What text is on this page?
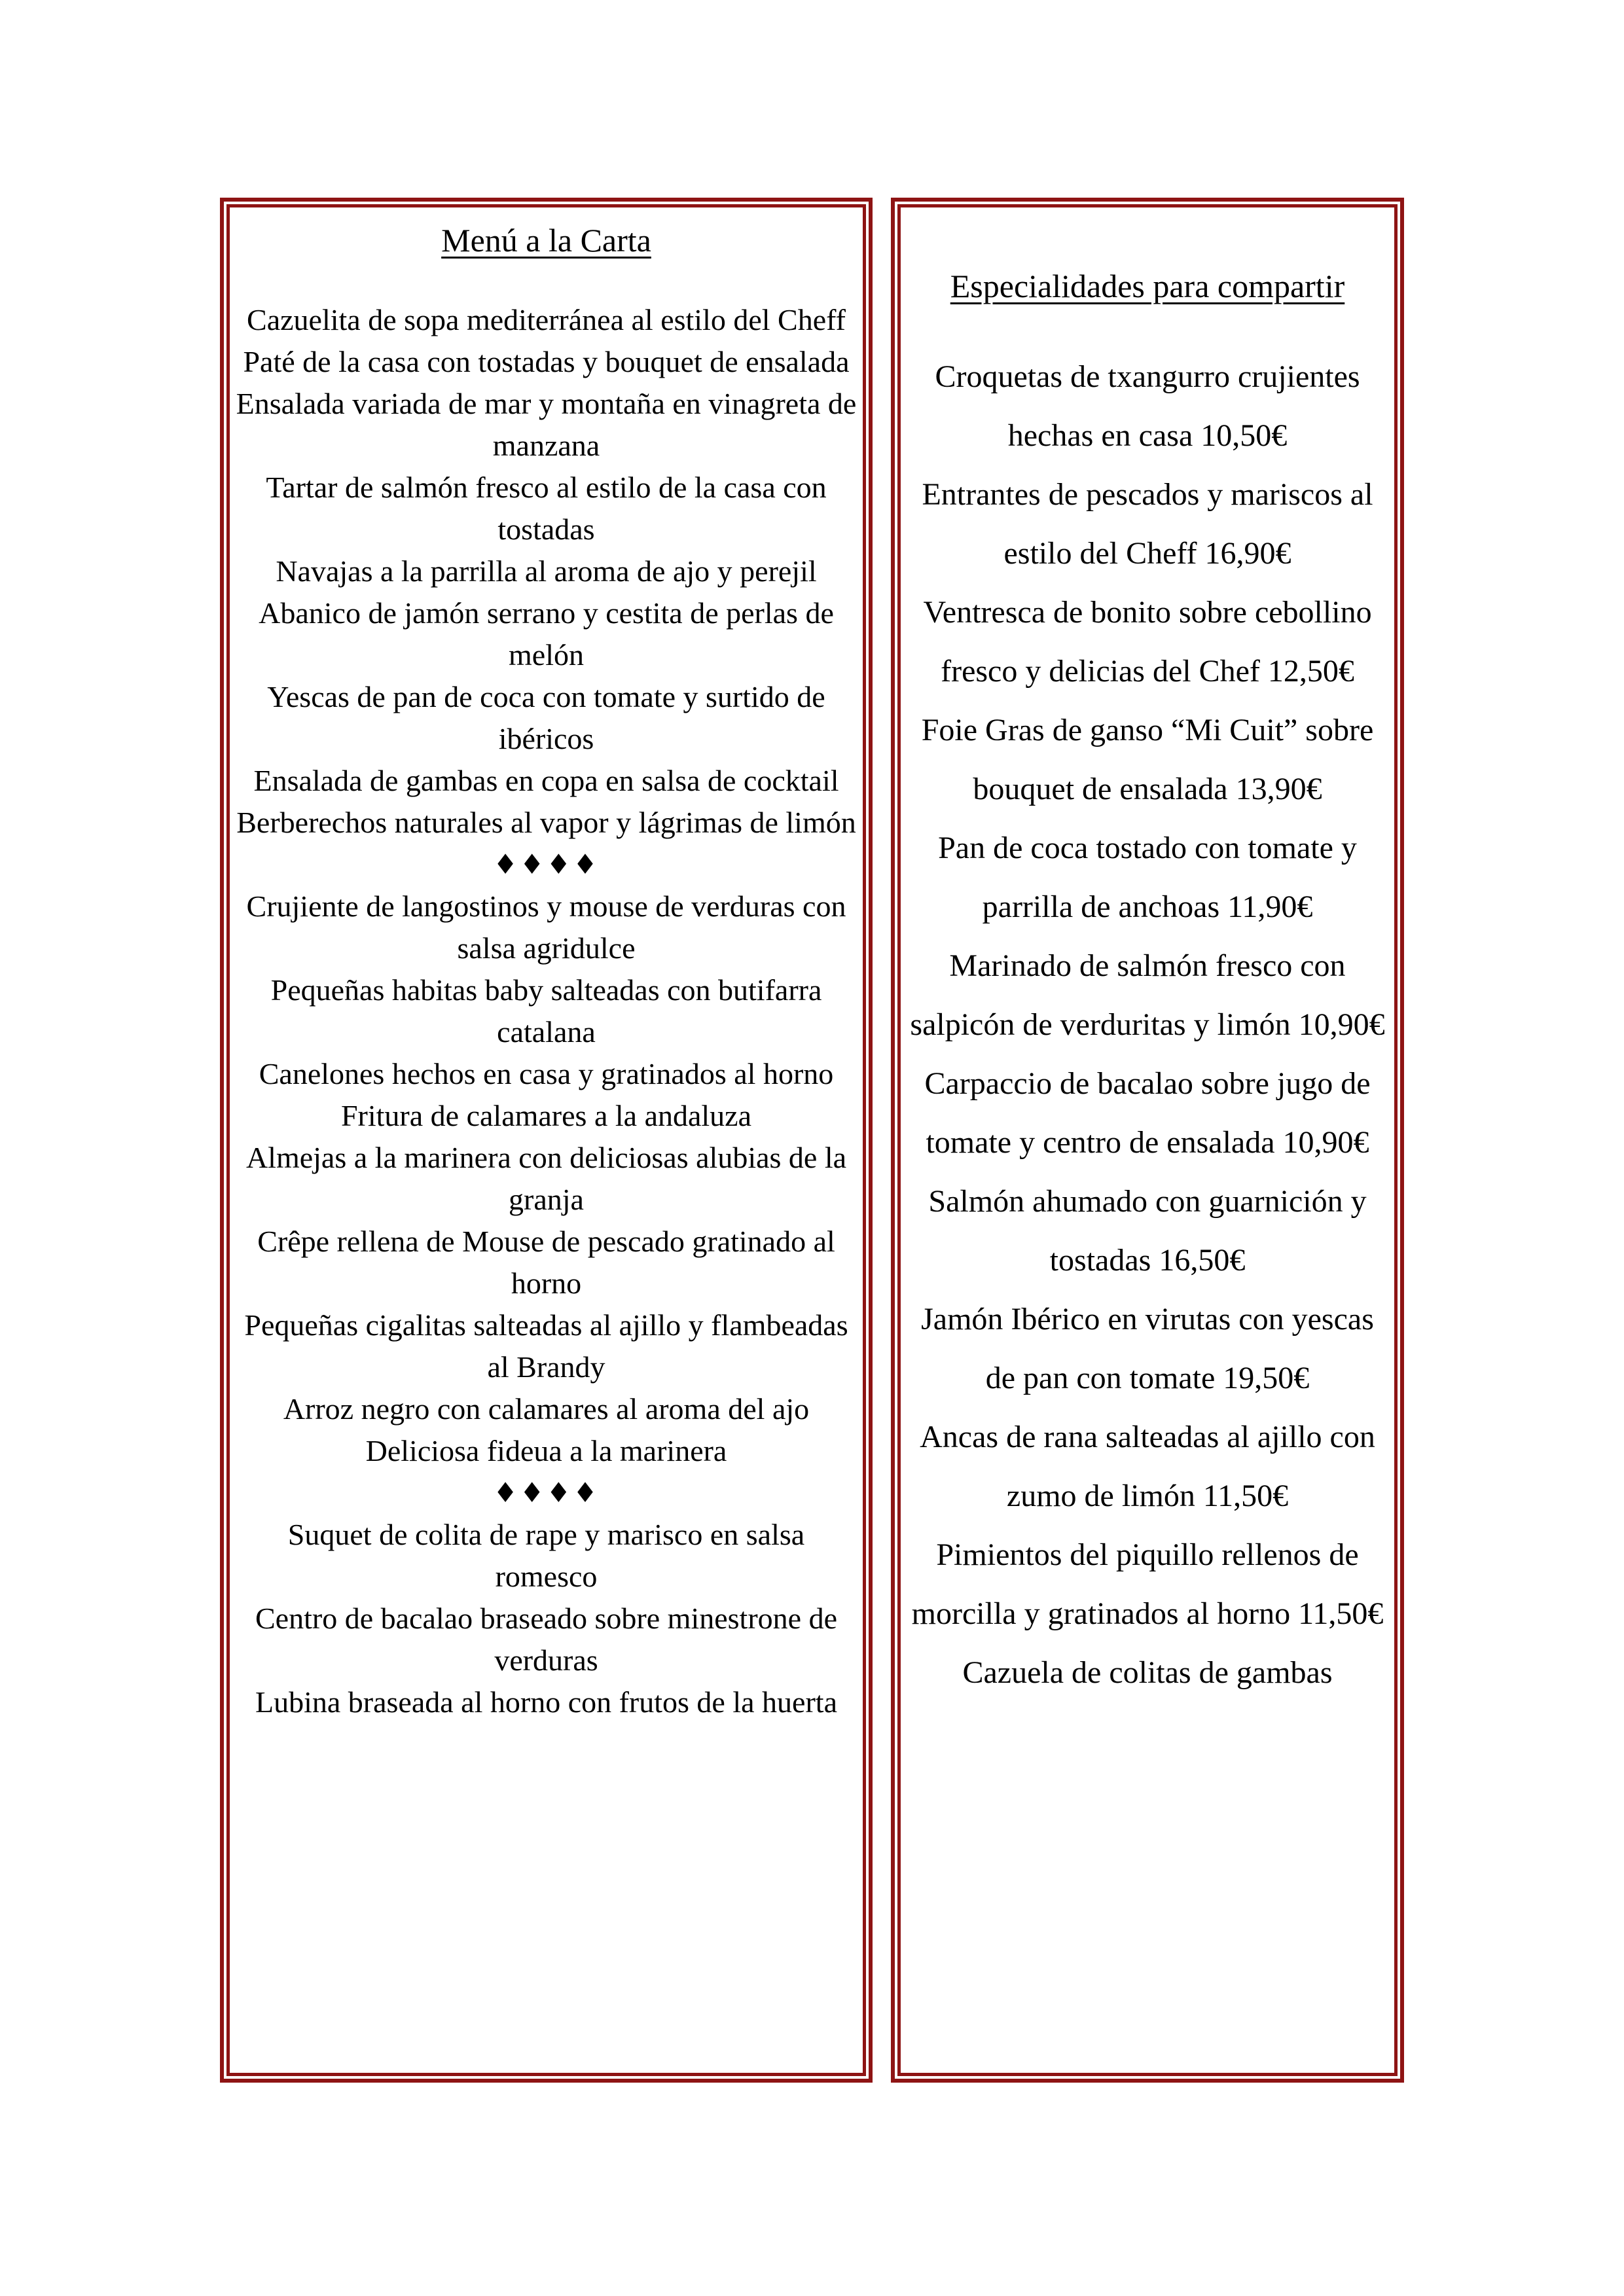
Menú a la Carta

Cazuelita de sopa mediterránea al estilo del Cheff

Paté de la casa con tostadas y bouquet de ensalada

Ensalada variada de mar y montaña en vinagreta de manzana

Tartar de salmón fresco al estilo de la casa con tostadas

Navajas a la parrilla al aroma de ajo y perejil

Abanico de jamón serrano y cestita de perlas de melón

Yescas de pan de coca con tomate y surtido de ibéricos

Ensalada de gambas en copa en salsa de cocktail

Berberechos naturales al vapor y lágrimas de limón

♦♦♦♦

Crujiente de langostinos y mouse de verduras con salsa agridulce

Pequeñas habitas baby salteadas con butifarra catalana

Canelones hechos en casa y gratinados al horno

Fritura de calamares a la andaluza

Almejas a la marinera con deliciosas alubias de la granja

Crêpe rellena de Mouse de pescado gratinado al horno

Pequeñas cigalitas salteadas al ajillo y flambeadas al Brandy

Arroz negro con calamares al aroma del ajo

Deliciosa fideua a la marinera

♦♦♦♦

Suquet de colita de rape y marisco en salsa romesco

Centro de bacalao braseado sobre minestrone de verduras

Lubina braseada al horno con frutos de la huerta

Especialidades para compartir

Croquetas de txangurro crujientes hechas en casa 10,50€

Entrantes de pescados y mariscos al estilo del Cheff 16,90€

Ventresca de bonito sobre cebollino fresco y delicias del Chef 12,50€

Foie Gras de ganso “Mi Cuit” sobre bouquet de ensalada 13,90€

Pan de coca tostado con tomate y parrilla de anchoas 11,90€

Marinado de salmón fresco con salpicón de verduritas y limón 10,90€

Carpaccio de bacalao sobre jugo de tomate y centro de ensalada 10,90€

Salmón ahumado con guarnición y tostadas 16,50€

Jamón Ibérico en virutas con yescas de pan con tomate 19,50€

Ancas de rana salteadas al ajillo con zumo de limón 11,50€

Pimientos del piquillo rellenos de morcilla y gratinados al horno 11,50€

Cazuela de colitas de gambas
